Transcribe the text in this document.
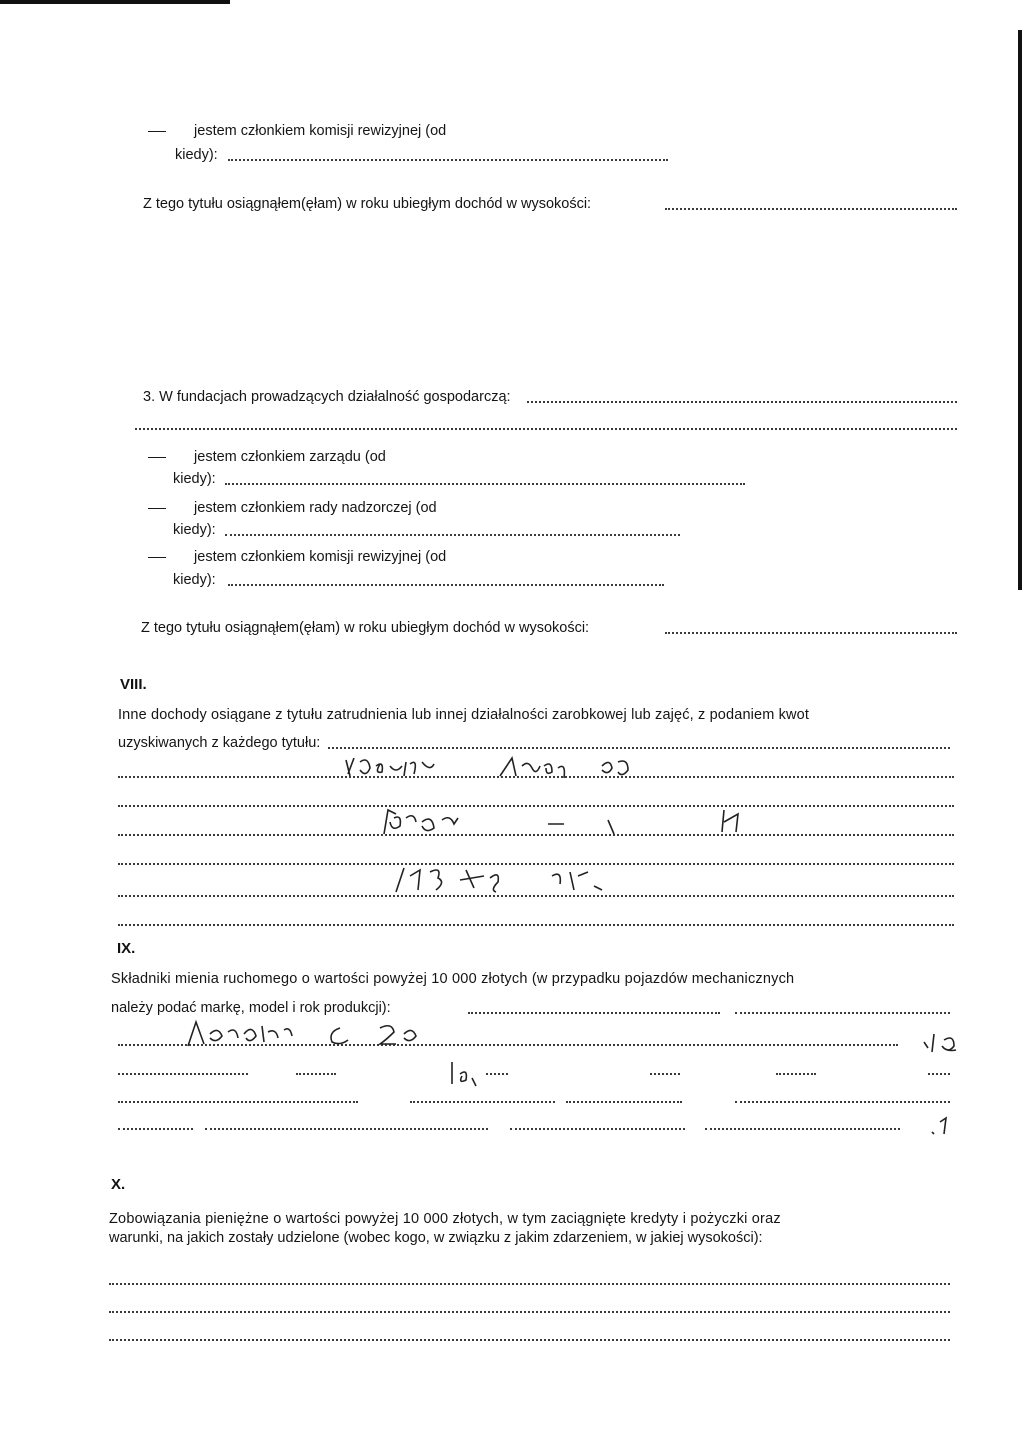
jestem członkiem komisji rewizyjnej (od
kiedy):
Z tego tytułu osiągnąłem(ęłam) w roku ubiegłym dochód w wysokości:
3. W fundacjach prowadzących działalność gospodarczą:
jestem członkiem zarządu (od
kiedy):
jestem członkiem rady nadzorczej (od
kiedy):
jestem członkiem komisji rewizyjnej (od
kiedy):
Z tego tytułu osiągnąłem(ęłam) w roku ubiegłym dochód w wysokości:
VIII.
Inne dochody osiągane z tytułu zatrudnienia lub innej działalności zarobkowej lub zajęć, z podaniem kwot
uzyskiwanych z każdego tytułu:
IX.
Składniki mienia ruchomego o wartości powyżej 10 000 złotych (w przypadku pojazdów mechanicznych
należy podać markę, model i rok produkcji):
X.
Zobowiązania pieniężne o wartości powyżej 10 000 złotych, w tym zaciągnięte kredyty i pożyczki oraz
warunki, na jakich zostały udzielone (wobec kogo, w związku z jakim zdarzeniem, w jakiej wysokości):
